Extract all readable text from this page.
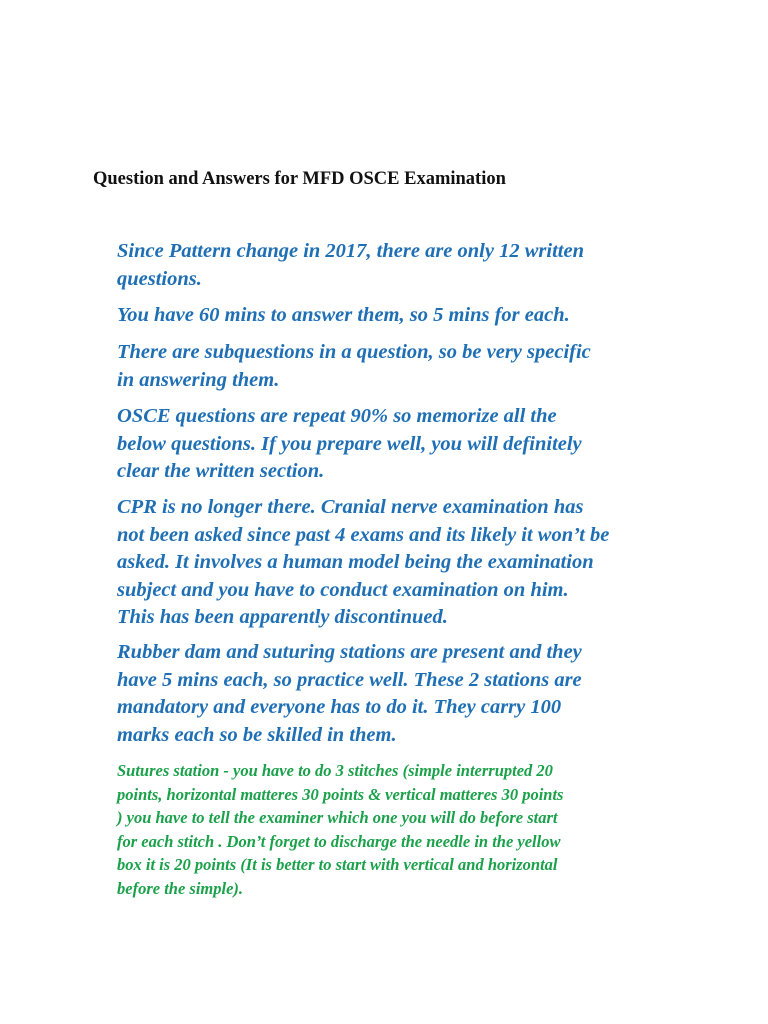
Question and Answers for MFD OSCE Examination

Since Pattern change in 2017, there are only 12 written
questions.

You have 60 mins to answer them, so 5 mins for each.

There are subquestions in a question, so be very specific
in answering them.

OSCE questions are repeat 90% so memorize all the
below questions. If you prepare well, you will definitely
clear the written section.

CPR is no longer there. Cranial nerve examination has
not been asked since past 4 exams and its likely it won’t be
asked. It involves a human model being the examination
subject and you have to conduct examination on him.
This has been apparently discontinued.

Rubber dam and suturing stations are present and they
have 5 mins each, so practice well. These 2 stations are
mandatory and everyone has to do it. They carry 100
marks each so be skilled in them.

Sutures station - you have to do 3 stitches (simple interrupted 20
points, horizontal matteres 30 points & vertical matteres 30 points
) you have to tell the examiner which one you will do before start
for each stitch . Don’t forget to discharge the needle in the yellow
box it is 20 points (It is better to start with vertical and horizontal
before the simple).
